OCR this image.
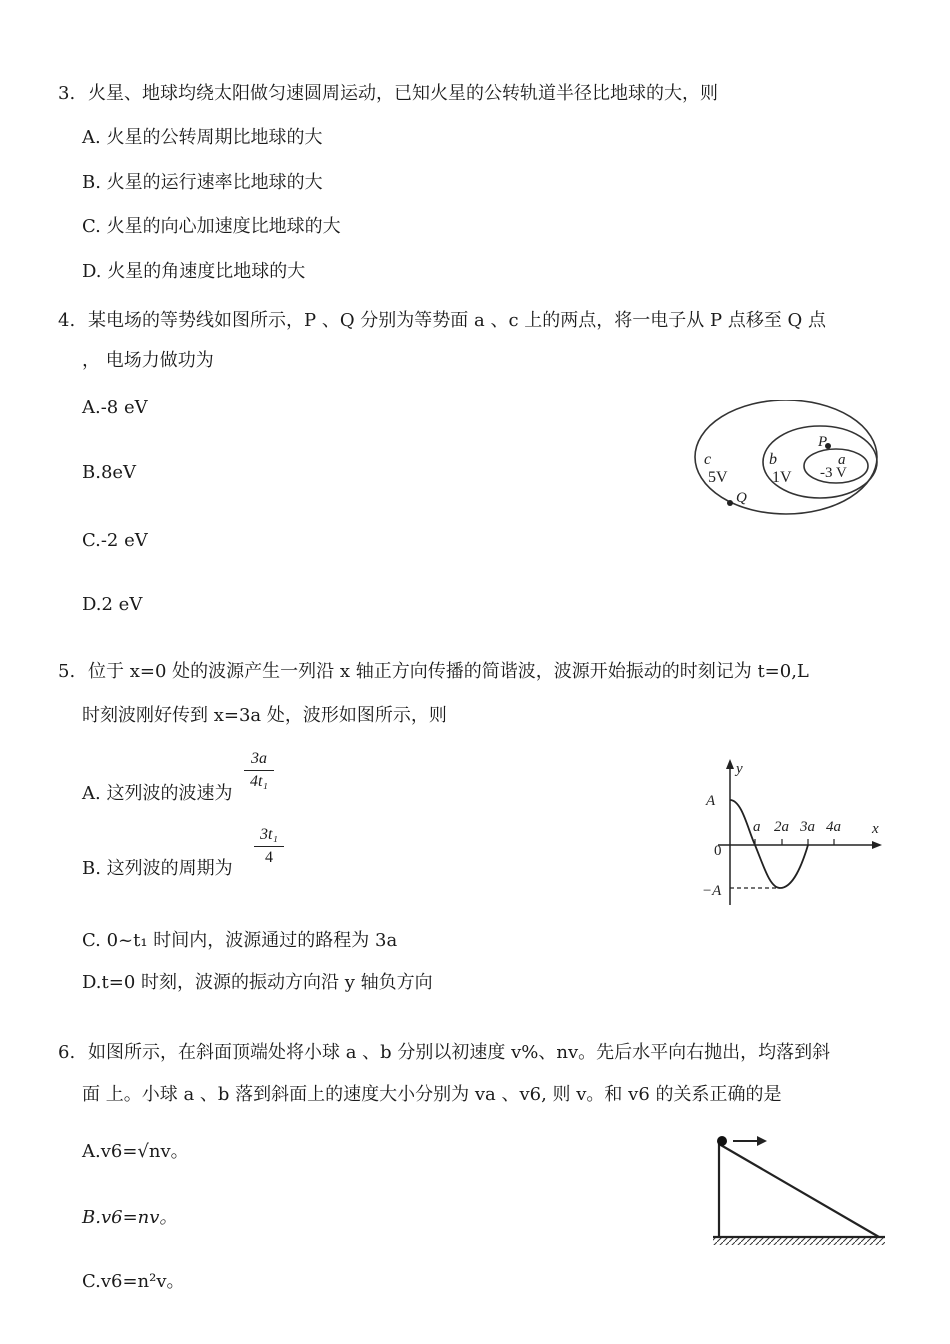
3. 火星、地球均绕太阳做匀速圆周运动，已知火星的公转轨道半径比地球的大，则
A. 火星的公转周期比地球的大
B. 火星的运行速率比地球的大
C. 火星的向心加速度比地球的大
D. 火星的角速度比地球的大
4. 某电场的等势线如图所示，P 、Q 分别为等势面 a 、c 上的两点，将一电子从 P 点移至 Q 点
， 电场力做功为
A.-8 eV
B.8eV
C.-2 eV
D.2 eV
c
5V
b
1V
a
-3 V
P
Q
5. 位于 x=0 处的波源产生一列沿 x 轴正方向传播的简谐波，波源开始振动的时刻记为 t=0,L
时刻波刚好传到 x=3a 处，波形如图所示，则
A. 这列波的波速为
3a
4t₁
B. 这列波的周期为
3t₁
4
C. 0~t₁ 时间内，波源通过的路程为 3a
D.t=0 时刻，波源的振动方向沿 y 轴负方向
y
x
A
0
−A
a 2a 3a 4a
6. 如图所示，在斜面顶端处将小球 a 、b 分别以初速度 v%、nv。先后水平向右抛出，均落到斜
面 上。小球 a 、b 落到斜面上的速度大小分别为 va 、v6, 则 v。和 v6 的关系正确的是
A.v6=√nv。
B.v6=nv。
C.v6=n²v。
